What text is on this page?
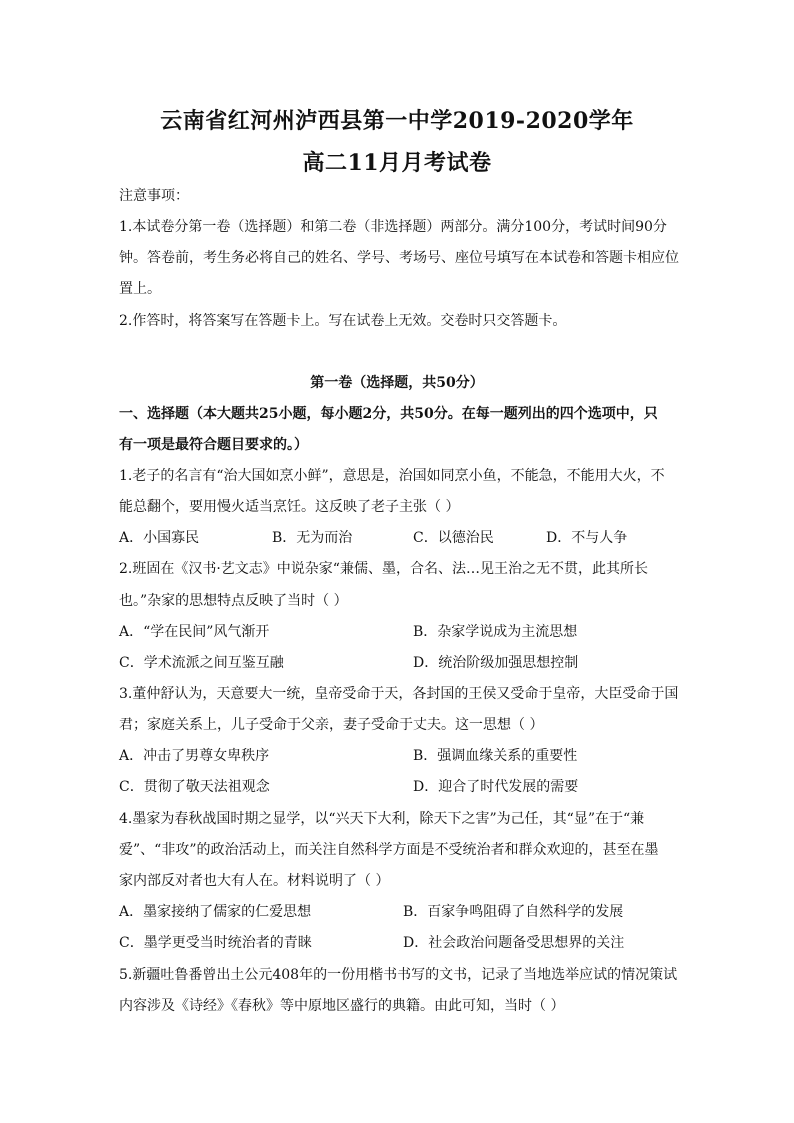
云南省红河州泸西县第一中学2019-2020学年
高二11月月考试卷
注意事项：
1.本试卷分第一卷（选择题）和第二卷（非选择题）两部分。满分100分，考试时间90分
钟。答卷前，考生务必将自己的姓名、学号、考场号、座位号填写在本试卷和答题卡相应位
置上。
2.作答时，将答案写在答题卡上。写在试卷上无效。交卷时只交答题卡。
第一卷（选择题，共50分）
一、选择题（本大题共25小题，每小题2分，共50分。在每一题列出的四个选项中，只
有一项是最符合题目要求的。）
1.老子的名言有“治大国如烹小鲜”，意思是，治国如同烹小鱼，不能急，不能用大火，不
能总翻个，要用慢火适当烹饪。这反映了老子主张（ ）
A．小国寡民	B．无为而治	C．以德治民	D．不与人争
2.班固在《汉书·艺文志》中说杂家“兼儒、墨，合名、法…见王治之无不贯，此其所长
也。”杂家的思想特点反映了当时（ ）
A．“学在民间”风气渐开	B．杂家学说成为主流思想
C．学术流派之间互鉴互融	D．统治阶级加强思想控制
3.董仲舒认为，天意要大一统，皇帝受命于天，各封国的王侯又受命于皇帝，大臣受命于国
君；家庭关系上，儿子受命于父亲，妻子受命于丈夫。这一思想（ ）
A．冲击了男尊女卑秩序	B．强调血缘关系的重要性
C．贯彻了敬天法祖观念	D．迎合了时代发展的需要
4.墨家为春秋战国时期之显学，以“兴天下大利，除天下之害”为己任，其“显”在于“兼
爱”、“非攻”的政治活动上，而关注自然科学方面是不受统治者和群众欢迎的，甚至在墨
家内部反对者也大有人在。材料说明了（ ）
A．墨家接纳了儒家的仁爱思想	B．百家争鸣阻碍了自然科学的发展
C．墨学更受当时统治者的青睐	D．社会政治问题备受思想界的关注
5.新疆吐鲁番曾出土公元408年的一份用楷书书写的文书，记录了当地选举应试的情况策试
内容涉及《诗经》《春秋》等中原地区盛行的典籍。由此可知，当时（ ）
